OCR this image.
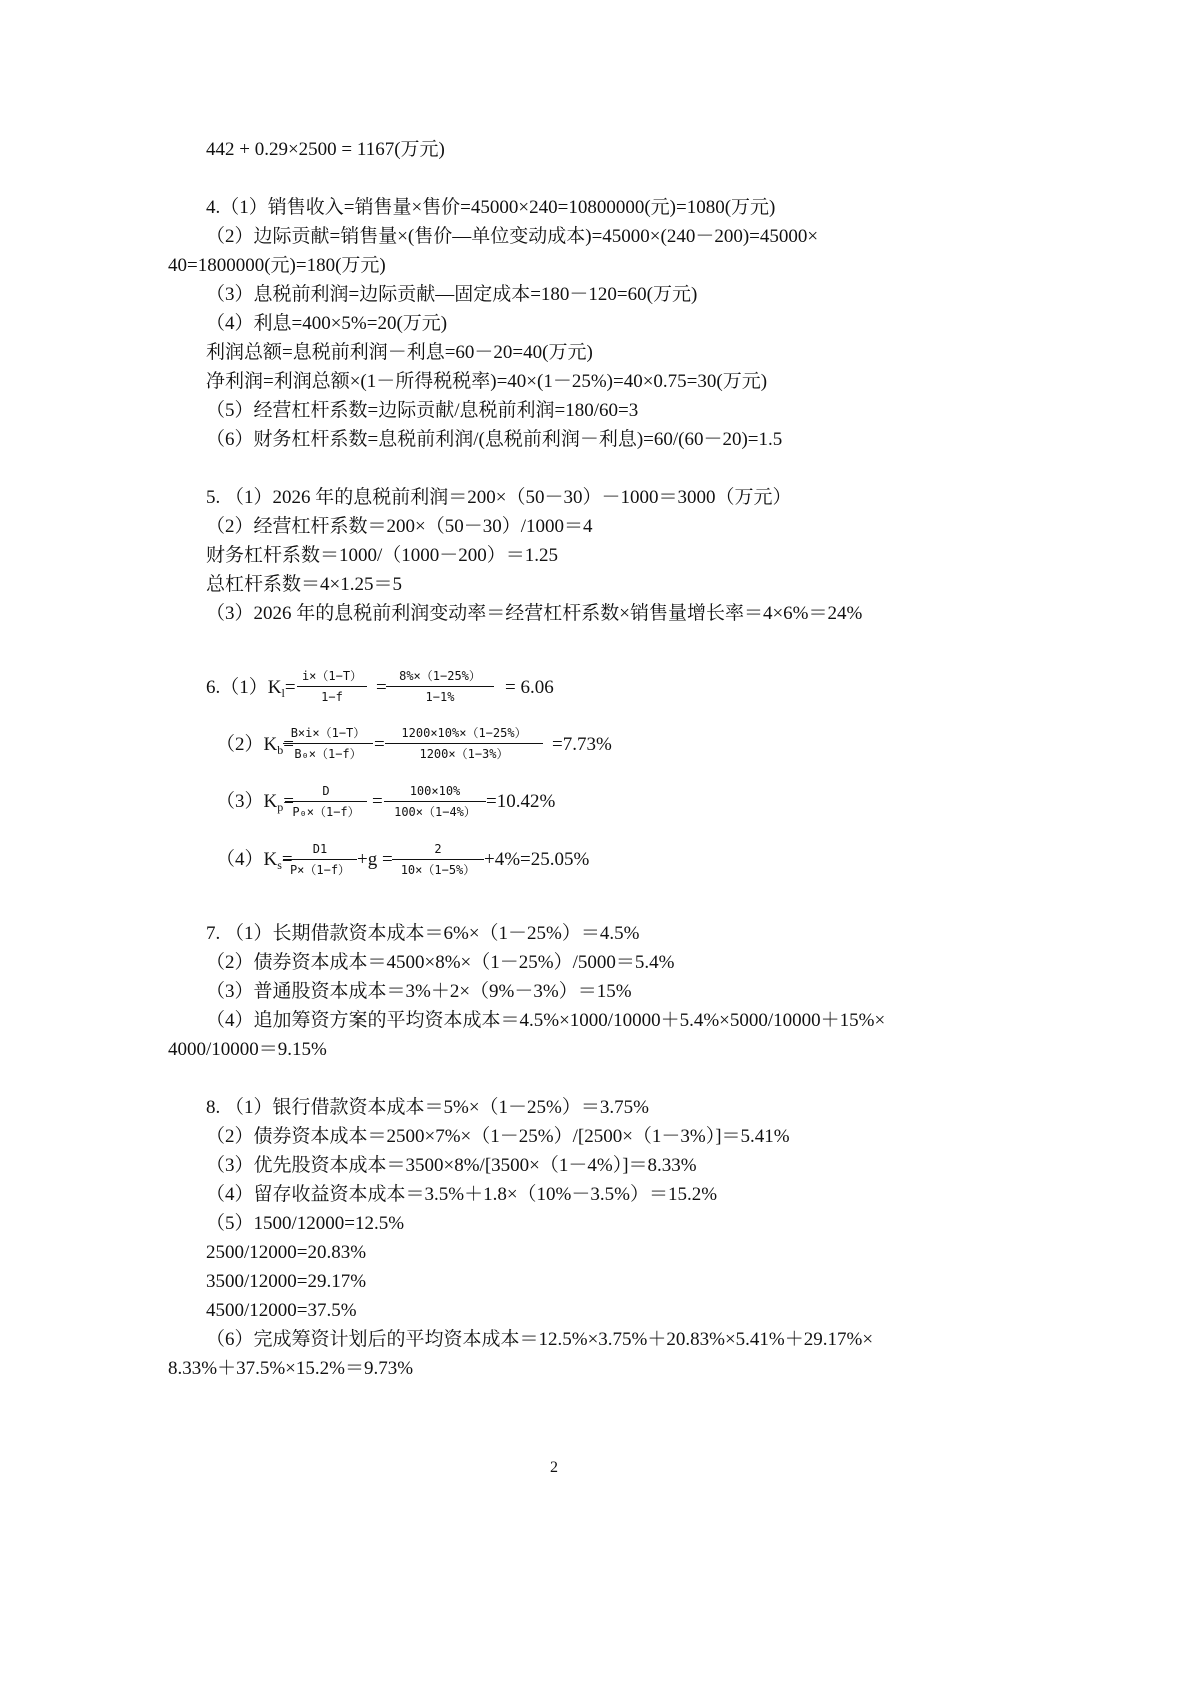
442 + 0.29×2500 = 1167(万元)
4.（1）销售收入=销售量×售价=45000×240=10800000(元)=1080(万元)
（2）边际贡献=销售量×(售价—单位变动成本)=45000×(240－200)=45000×
40=1800000(元)=180(万元)
（3）息税前利润=边际贡献—固定成本=180－120=60(万元)
（4）利息=400×5%=20(万元)
利润总额=息税前利润－利息=60－20=40(万元)
净利润=利润总额×(1－所得税税率)=40×(1－25%)=40×0.75=30(万元)
（5）经营杠杆系数=边际贡献/息税前利润=180/60=3
（6）财务杠杆系数=息税前利润/(息税前利润－利息)=60/(60－20)=1.5
5. （1）2026 年的息税前利润＝200×（50－30）－1000＝3000（万元）
（2）经营杠杆系数＝200×（50－30）/1000＝4
财务杠杆系数＝1000/（1000－200）＝1.25
总杠杆系数＝4×1.25＝5
（3）2026 年的息税前利润变动率＝经营杠杆系数×销售量增长率＝4×6%＝24%
$6.(1)K_l=$
i×（1−T）
1−f	=
8%×（1−25%）
1−1%	= 6.06
$(2)K_b=$
B×i×（1−T）
B₀×（1−f） =
1200×10%×（1−25%）
1200×（1−3%）	=7.73%
$(3)K_p=$	D
P₀×（1−f） =	100×10%
100×（1−4%） =10.42%
$(4)K_s=$	D1
P×（1−f） +g =	2
10×（1−5%） +4%=25.05%
7. （1）长期借款资本成本＝6%×（1－25%）＝4.5%
（2）债券资本成本＝4500×8%×（1－25%）/5000＝5.4%
（3）普通股资本成本＝3%＋2×（9%－3%）＝15%
（4）追加筹资方案的平均资本成本＝4.5%×1000/10000＋5.4%×5000/10000＋15%×
4000/10000＝9.15%
8. （1）银行借款资本成本＝5%×（1－25%）＝3.75%
（2）债券资本成本＝2500×7%×（1－25%）/[2500×（1－3%）]＝5.41%
（3）优先股资本成本＝3500×8%/[3500×（1－4%）]＝8.33%
（4）留存收益资本成本＝3.5%＋1.8×（10%－3.5%）＝15.2%
（5）1500/12000=12.5%
2500/12000=20.83%
3500/12000=29.17%
4500/12000=37.5%
（6）完成筹资计划后的平均资本成本＝12.5%×3.75%＋20.83%×5.41%＋29.17%×
8.33%＋37.5%×15.2%＝9.73%
2
